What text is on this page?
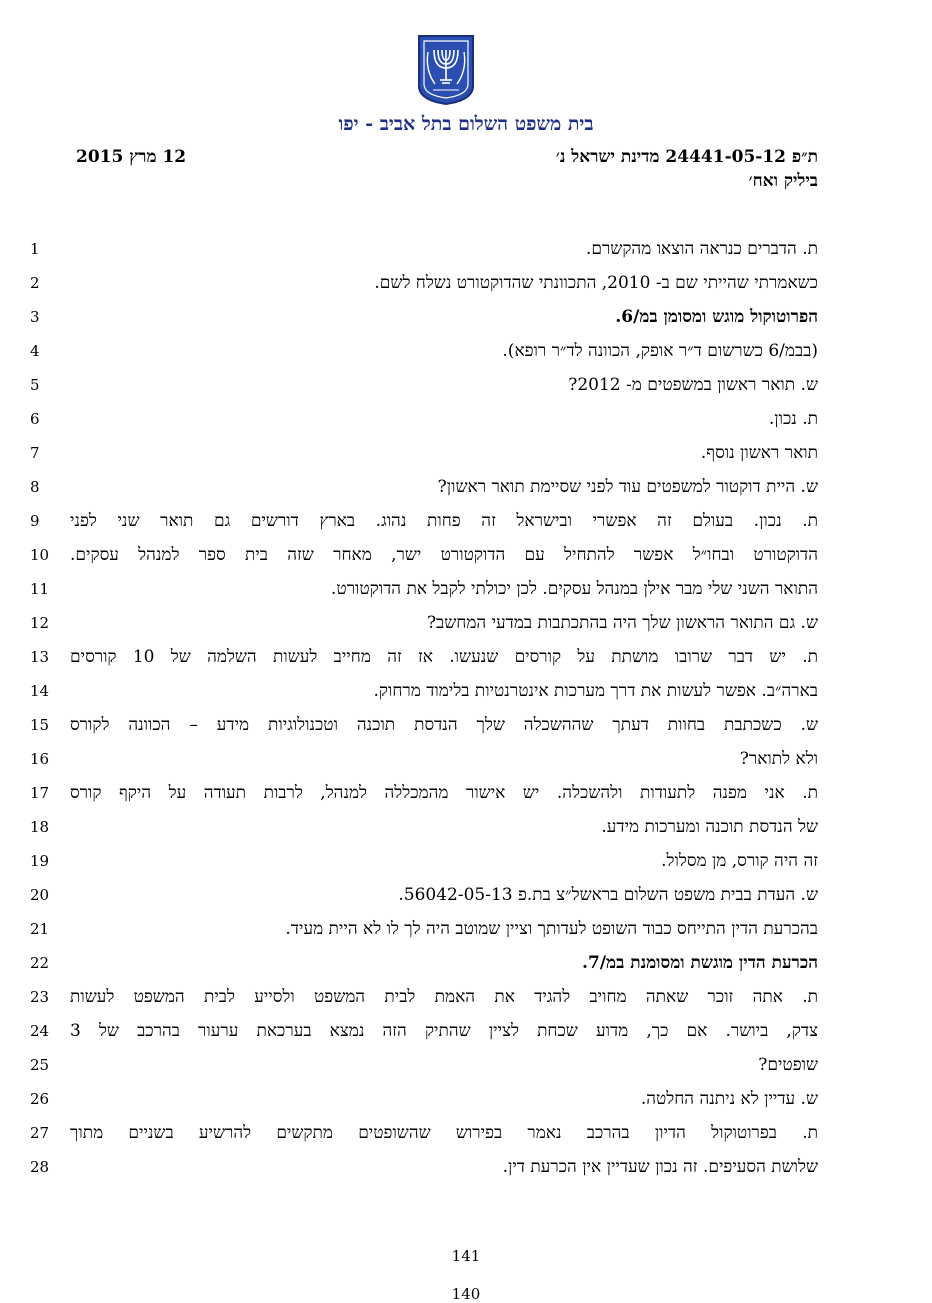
בית משפט השלום בתל אביב - יפו
ת״פ 24441-05-12 מדינת ישראל נ׳
ביליק ואח׳
12 מרץ 2015
1	ת. הדברים כנראה הוצאו מהקשרם.
2	כשאמרתי שהייתי שם ב- 2010, התכוונתי שהדוקטורט נשלח לשם.
3	הפרוטוקול מוגש ומסומן במ/6.
4	(בבמ/6 כשרשום ד״ר אופק, הכוונה לד״ר רופא).
5	ש. תואר ראשון במשפטים מ- 2012?
6	ת. נכון.
7	תואר ראשון נוסף.
8	ש. היית דוקטור למשפטים עוד לפני שסיימת תואר ראשון?
9	ת. נכון. בעולם זה אפשרי ובישראל זה פחות נהוג. בארץ דורשים גם תואר שני לפני
10 הדוקטורט ובחו״ל אפשר להתחיל עם הדוקטורט ישר, מאחר שזה בית ספר למנהל עסקים.
11	התואר השני שלי מבר אילן במנהל עסקים. לכן יכולתי לקבל את הדוקטורט.
12	ש. גם התואר הראשון שלך היה בהתכתבות במדעי המחשב?
13 ת. יש דבר שרובו מושתת על קורסים שנעשו. אז זה מחייב לעשות השלמה של 10 קורסים
14	בארה״ב. אפשר לעשות את דרך מערכות אינטרנטיות בלימוד מרחוק.
15 ש. כשכתבת בחוות דעתך שההשכלה שלך הנדסת תוכנה וטכנולוגיות מידע – הכוונה לקורס
16	ולא לתואר?
17 ת. אני מפנה לתעודות ולהשכלה. יש אישור מהמכללה למנהל, לרבות תעודה על היקף קורס
18	של הנדסת תוכנה ומערכות מידע.
19	זה היה קורס, מן מסלול.
20	ש. העדת בבית משפט השלום בראשל״צ בת.פ 56042-05-13.
21	בהכרעת הדין התייחס כבוד השופט לעדותך וציין שמוטב היה לך לו לא היית מעיד.
22	הכרעת הדין מוגשת ומסומנת במ/7.
23 ת. אתה זוכר שאתה מחויב להגיד את האמת לבית המשפט ולסייע לבית המשפט לעשות
24 צדק, ביושר. אם כך, מדוע שכחת לציין שהתיק הזה נמצא בערכאת ערעור בהרכב של 3
25	שופטים?
26	ש. עדיין לא ניתנה החלטה.
27 ת. בפרוטוקול הדיון בהרכב נאמר בפירוש שהשופטים מתקשים להרשיע בשניים מתוך
28	שלושת הסעיפים. זה נכון שעדיין אין הכרעת דין.
141
140
